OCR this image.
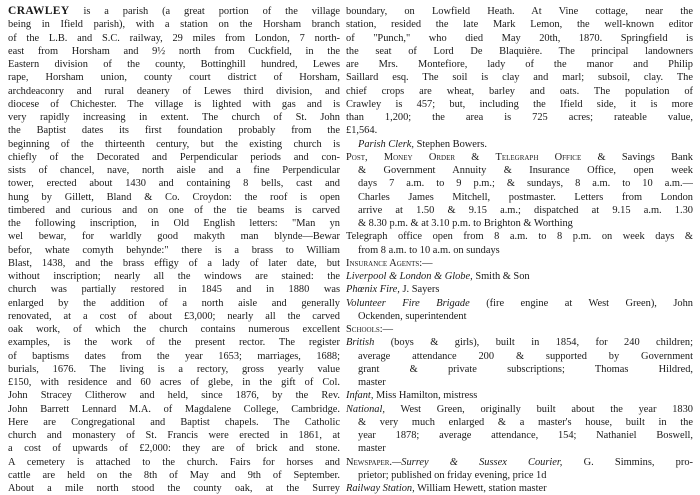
CRAWLEY is a parish (a great portion of the village
being in Ifield parish), with a station on the Horsham branch
of the L.B. and S.C. railway, 29 miles from London, 7 north-
east from Horsham and 9½ north from Cuckfield, in the
Eastern division of the county, Bottinghill hundred, Lewes
rape, Horsham union, county court district of Horsham,
archdeaconry and rural deanery of Lewes third division, and
diocese of Chichester. The village is lighted with gas and is
very rapidly increasing in extent. The church of St. John
the Baptist dates its first foundation probably from the
beginning of the thirteenth century, but the existing church is
chiefly of the Decorated and Perpendicular periods and con-
sists of chancel, nave, north aisle and a fine Perpendicular
tower, erected about 1430 and containing 8 bells, cast and
hung by Gillett, Bland & Co. Croydon: the roof is open
timbered and curious and on one of the tie beams is carved
the following inscription, in Old English letters: "Man yn
wel bewar, for warldly good makyth man blynde—Bewar
befor, whate comyth behynde:" there is a brass to William
Blast, 1438, and the brass effigy of a lady of later date, but
without inscription; nearly all the windows are stained: the
church was partially restored in 1845 and in 1880 was
enlarged by the addition of a north aisle and generally
renovated, at a cost of about £3,000; nearly all the carved
oak work, of which the church contains numerous excellent
examples, is the work of the present rector. The register
of baptisms dates from the year 1653; marriages, 1688;
burials, 1676. The living is a rectory, gross yearly value
£150, with residence and 60 acres of glebe, in the gift of Col.
John Stracey Clitherow and held, since 1876, by the Rev.
John Barrett Lennard M.A. of Magdalene College, Cambridge.
Here are Congregational and Baptist chapels. The Catholic
church and monastery of St. Francis were erected in 1861, at
a cost of upwards of £2,000: they are of brick and stone.
A cemetery is attached to the church. Fairs for horses and
cattle are held on the 8th of May and 9th of September.
About a mile north stood the county oak, at the Surrey
boundary, on Lowfield Heath. At Vine cottage, near the
station, resided the late Mark Lemon, the well-known editor
of "Punch," who died May 20th, 1870. Springfield is
the seat of Lord De Blaquière. The principal landowners
are Mrs. Montefiore, lady of the manor and Philip
Saillard esq. The soil is clay and marl; subsoil, clay. The
chief crops are wheat, barley and oats. The population of
Crawley is 457; but, including the Ifield side, it is more
than 1,200; the area is 725 acres; rateable value,
£1,564.
Parish Clerk, Stephen Bowers.
Post, Money Order & Telegraph Office & Savings Bank
& Government Annuity & Insurance Office, open week
days 7 a.m. to 9 p.m.; & sundays, 8 a.m. to 10 a.m.—
Charles James Mitchell, postmaster. Letters from London
arrive at 1.50 & 9.15 a.m.; dispatched at 9.15 a.m. 1.30
& 8.30 p.m. & at 3.10 p.m. to Brighton & Worthing
Telegraph office open from 8 a.m. to 8 p.m. on week days &
from 8 a.m. to 10 a.m. on sundays
Insurance Agents:—
Liverpool & London & Globe, Smith & Son
Phœnix Fire, J. Sayers
Volunteer Fire Brigade (fire engine at West Green), John
Ockenden, superintendent
Schools:—
British (boys & girls), built in 1854, for 240 children;
average attendance 200 & supported by Government
grant & private subscriptions; Thomas Hildred,
master
Infant, Miss Hamilton, mistress
National, West Green, originally built about the year 1830
& very much enlarged & a master's house, built in the
year 1878; average attendance, 154; Nathaniel Boswell,
master
Newspaper.—Surrey & Sussex Courier, G. Simmins, pro-
prietor; published on friday evening, price 1d
Railway Station, William Hewett, station master
